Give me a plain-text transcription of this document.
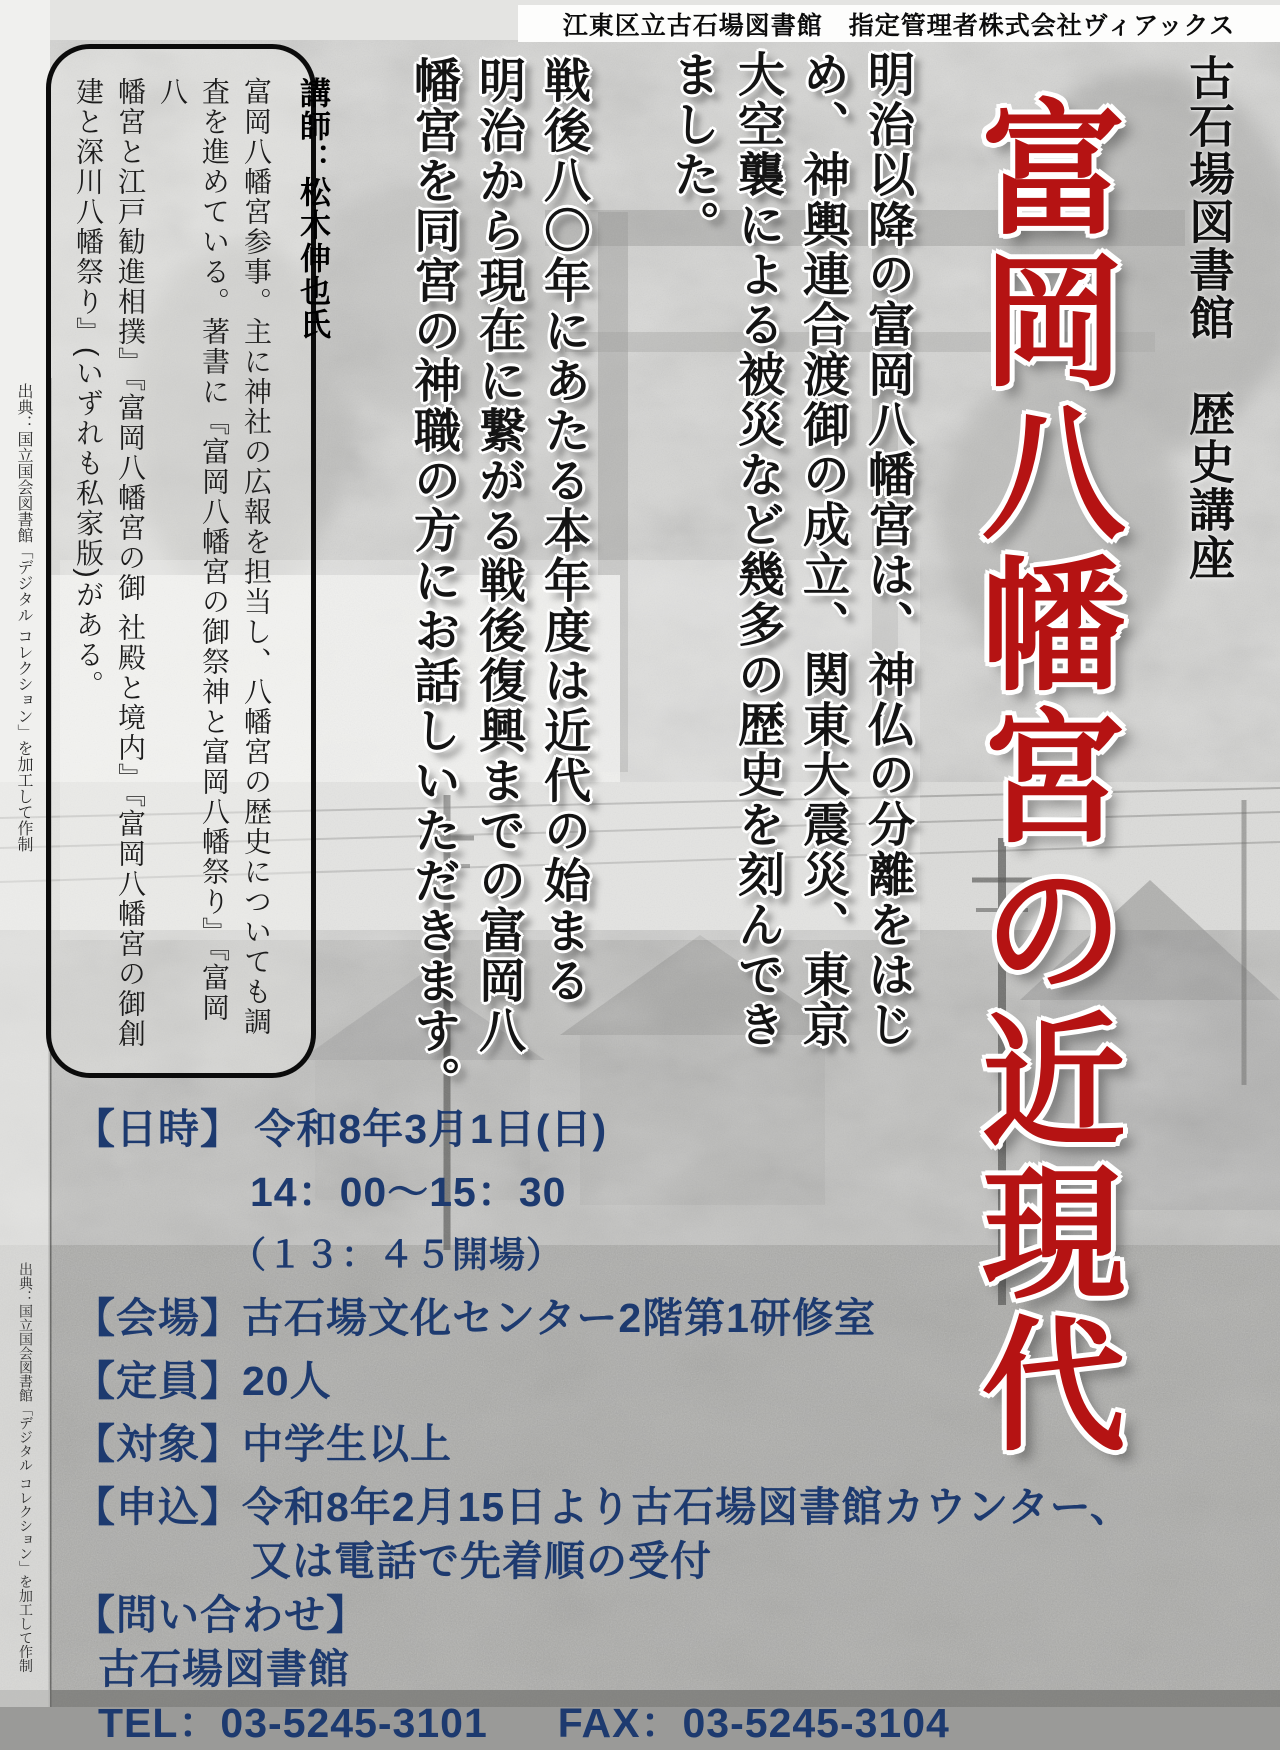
出典：国立国会図書館「デジタル コレクション」を加工して作制
出典：国立国会図書館「デジタル コレクション」を加工して作制
江東区立古石場図書館　指定管理者株式会社ヴィアックス
古石場図書館　歴史講座
富岡八幡宮の近現代
明治以降の富岡八幡宮は、神仏の分離をはじ
め、神輿連合渡御の成立、関東大震災、東京
大空襲による被災など幾多の歴史を刻んでき
ました。
戦後八〇年にあたる本年度は近代の始まる
明治から現在に繋がる戦後復興までの富岡八
幡宮を同宮の神職の方にお話しいただきます。
講師：松木伸也氏
富岡八幡宮参事。主に神社の広報を担当し、八幡宮の歴史についても調
査を進めている。著書に『富岡八幡宮の御祭神と富岡八幡祭り』『富岡八
幡宮と江戸勧進相撲』『富岡八幡宮の御 社殿と境内』『富岡八幡宮の御創
建と深川八幡祭り』(いずれも私家版)がある。
【日時】 令和8年3月1日(日)
14：00～15：30
（１３：４５開場）
【会場】古石場文化センター2階第1研修室
【定員】20人
【対象】中学生以上
【申込】令和8年2月15日より古石場図書館カウンター、
又は電話で先着順の受付
【問い合わせ】
古石場図書館
TEL：03-5245-3101 FAX：03-5245-3104
